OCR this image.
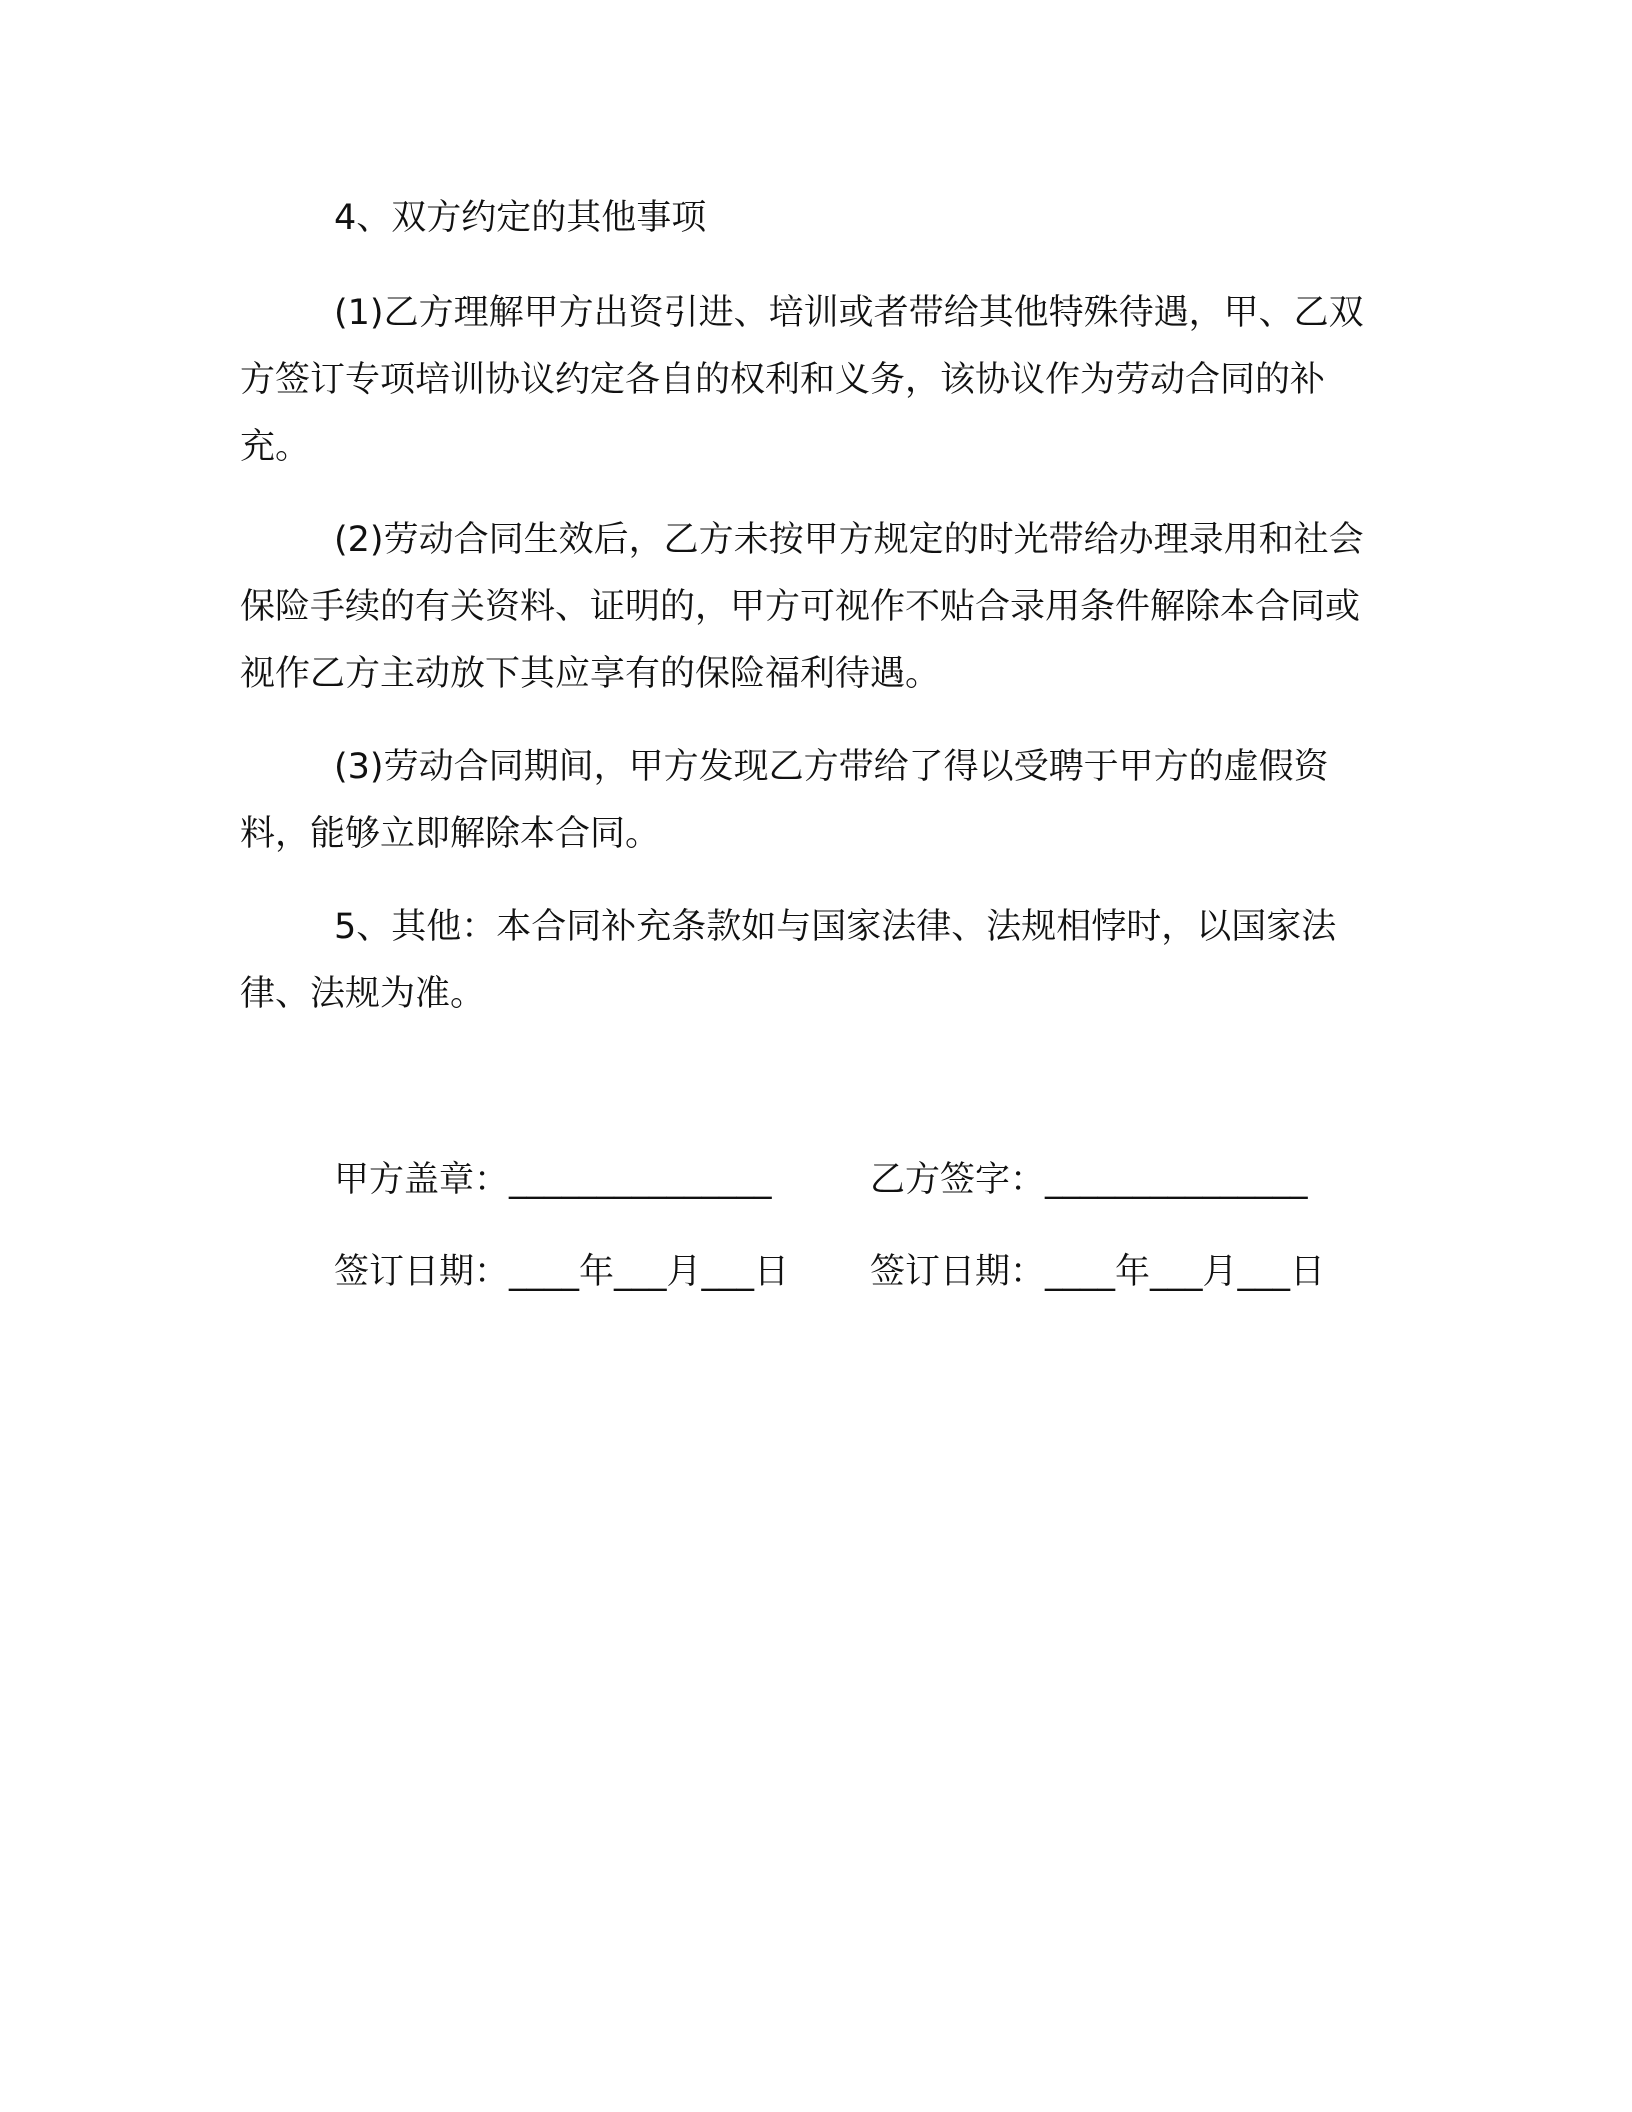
4、双方约定的其他事项

(1)乙方理解甲方出资引进、培训或者带给其他特殊待遇，甲、乙双方签订专项培训协议约定各自的权利和义务，该协议作为劳动合同的补充。

(2)劳动合同生效后，乙方未按甲方规定的时光带给办理录用和社会保险手续的有关资料、证明的，甲方可视作不贴合录用条件解除本合同或视作乙方主动放下其应享有的保险福利待遇。

(3)劳动合同期间，甲方发现乙方带给了得以受聘于甲方的虚假资料，能够立即解除本合同。

5、其他：本合同补充条款如与国家法律、法规相悖时，以国家法律、法规为准。

甲方盖章：_______________	乙方签字：_______________
签订日期：____年___月___日	签订日期：____年___月___日
